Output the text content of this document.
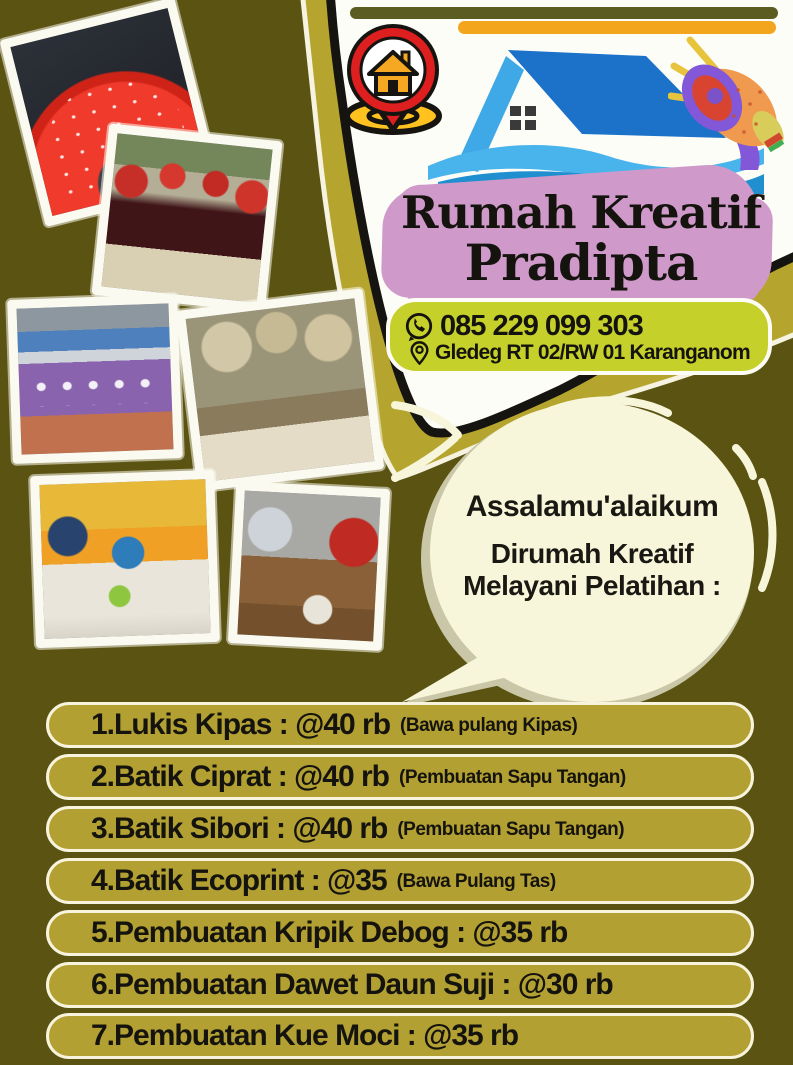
Rumah Kreatif
Pradipta
085 229 099 303
Gledeg RT 02/RW 01 Karanganom
Assalamu'alaikum
Dirumah Kreatif
Melayani Pelatihan :
1.Lukis Kipas : @40 rb (Bawa pulang Kipas)
2.Batik Ciprat : @40 rb (Pembuatan Sapu Tangan)
3.Batik Sibori : @40 rb (Pembuatan Sapu Tangan)
4.Batik Ecoprint : @35 (Bawa Pulang Tas)
5.Pembuatan Kripik Debog : @35 rb
6.Pembuatan Dawet Daun Suji : @30 rb
7.Pembuatan Kue Moci : @35 rb
